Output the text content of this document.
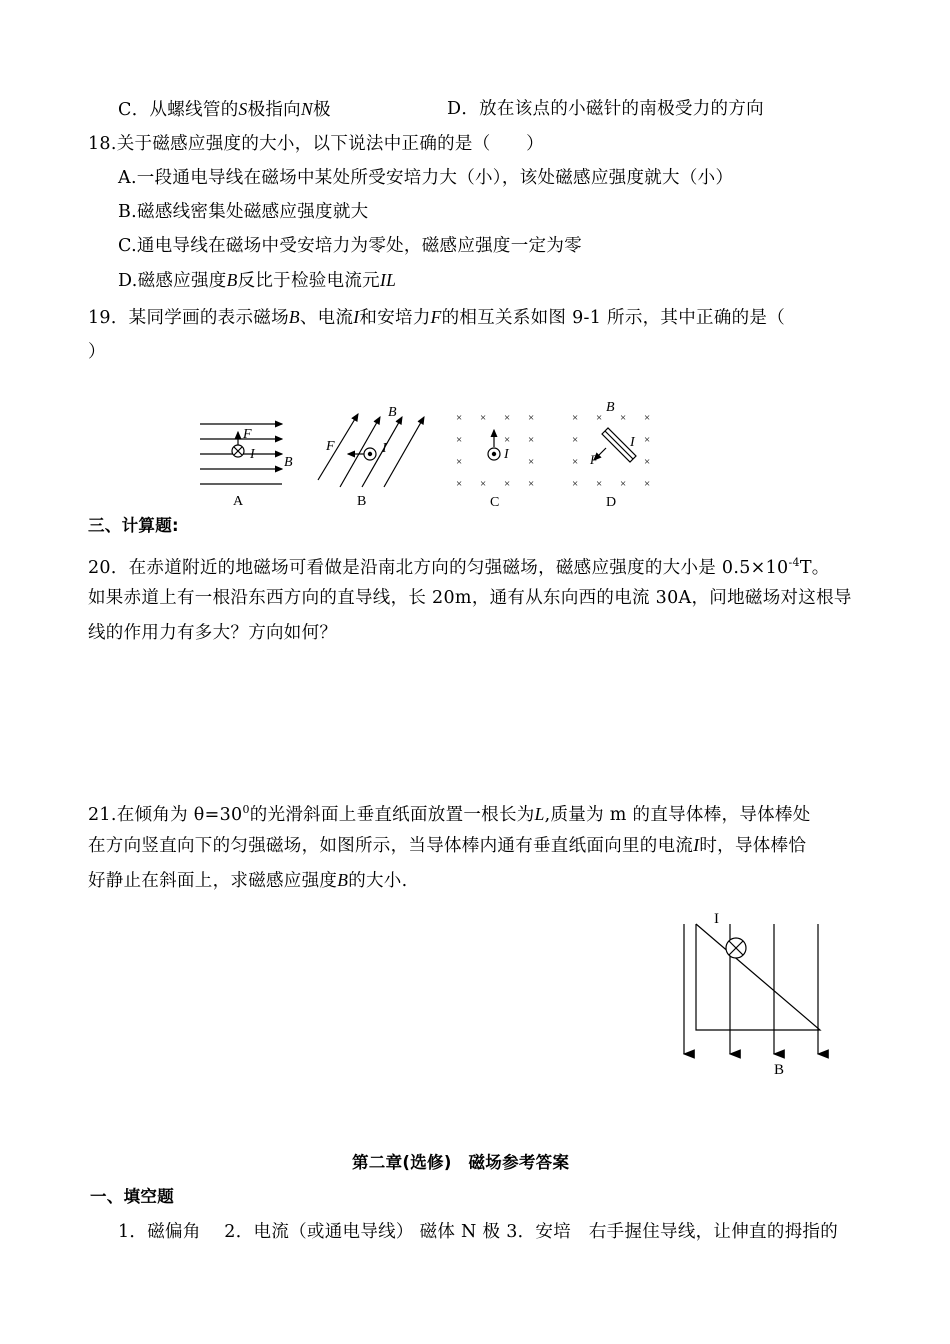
C．从螺线管的S极指向N极	D．放在该点的小磁针的南极受力的方向
18.关于磁感应强度的大小，以下说法中正确的是（　　）
A.一段通电导线在磁场中某处所受安培力大（小），该处磁感应强度就大（小）
B.磁感线密集处磁感应强度就大
C.通电导线在磁场中受安培力为零处，磁感应强度一定为零
D.磁感应强度B反比于检验电流元IL
19．某同学画的表示磁场B、电流I和安培力F的相互关系如图 9-1 所示，其中正确的是（
）
F
I
B
A
F	I
B
B
× × × ×
×	× ×
×	×
× × × ×
I
C
× × × ×
×	×
×	×
× × × ×
B
I
F
D
三、计算题:
20．在赤道附近的地磁场可看做是沿南北方向的匀强磁场，磁感应强度的大小是 $0.5\times 10^{-4}T$。
如果赤道上有一根沿东西方向的直导线，长 20m，通有从东向西的电流 30A，问地磁场对这根导
线的作用力有多大？方向如何？
21.在倾角为 $\theta=30^0$的光滑斜面上垂直纸面放置一根长为L,质量为 m 的直导体棒，导体棒处
在方向竖直向下的匀强磁场，如图所示，当导体棒内通有垂直纸面向里的电流I时，导体棒恰
好静止在斜面上，求磁感应强度B的大小.
I
B
第二章(选修)　磁场参考答案
一、填空题
1．磁偏角　 2．电流（或通电导线） 磁体 N 极 3．安培　右手握住导线，让伸直的拇指的
